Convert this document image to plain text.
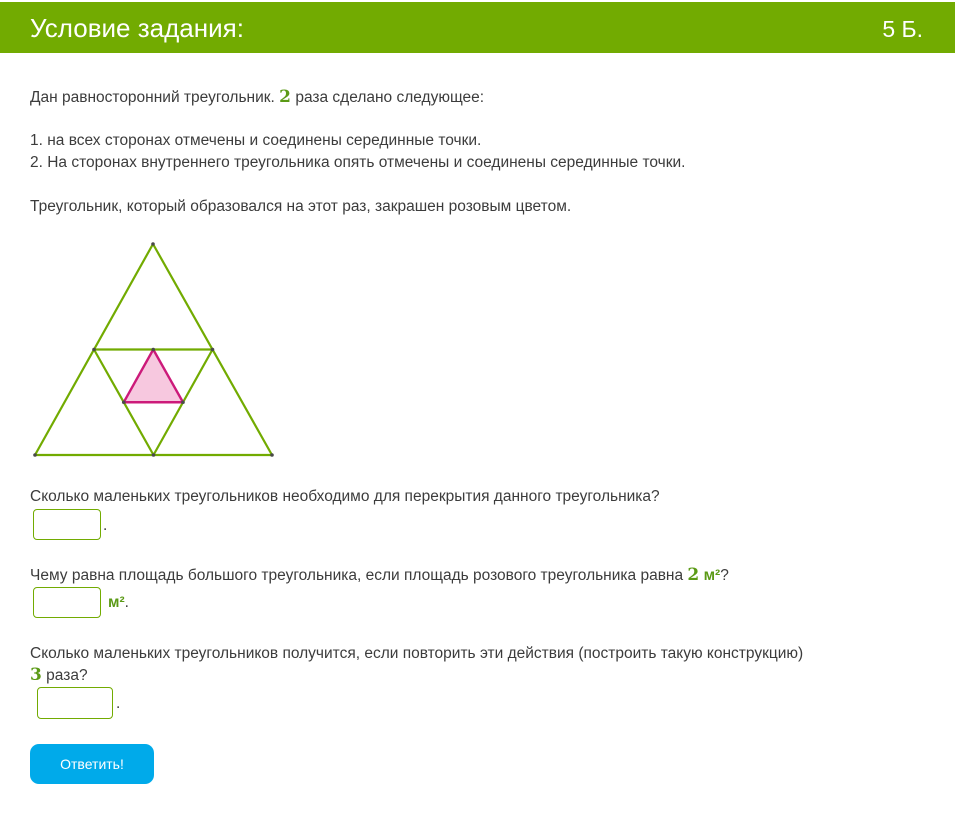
Условие задания:	5 Б.
Дан равносторонний треугольник. 2 раза сделано следующее:
1. на всех сторонах отмечены и соединены серединные точки.
2. На сторонах внутреннего треугольника опять отмечены и соединены серединные точки.
Треугольник, который образовался на этот раз, закрашен розовым цветом.
Сколько маленьких треугольников необходимо для перекрытия данного треугольника?
.
Чему равна площадь большого треугольника, если площадь розового треугольника равна 2 м²?
м².
Сколько маленьких треугольников получится, если повторить эти действия (построить такую конструкцию)
3 раза?
.
Ответить!
